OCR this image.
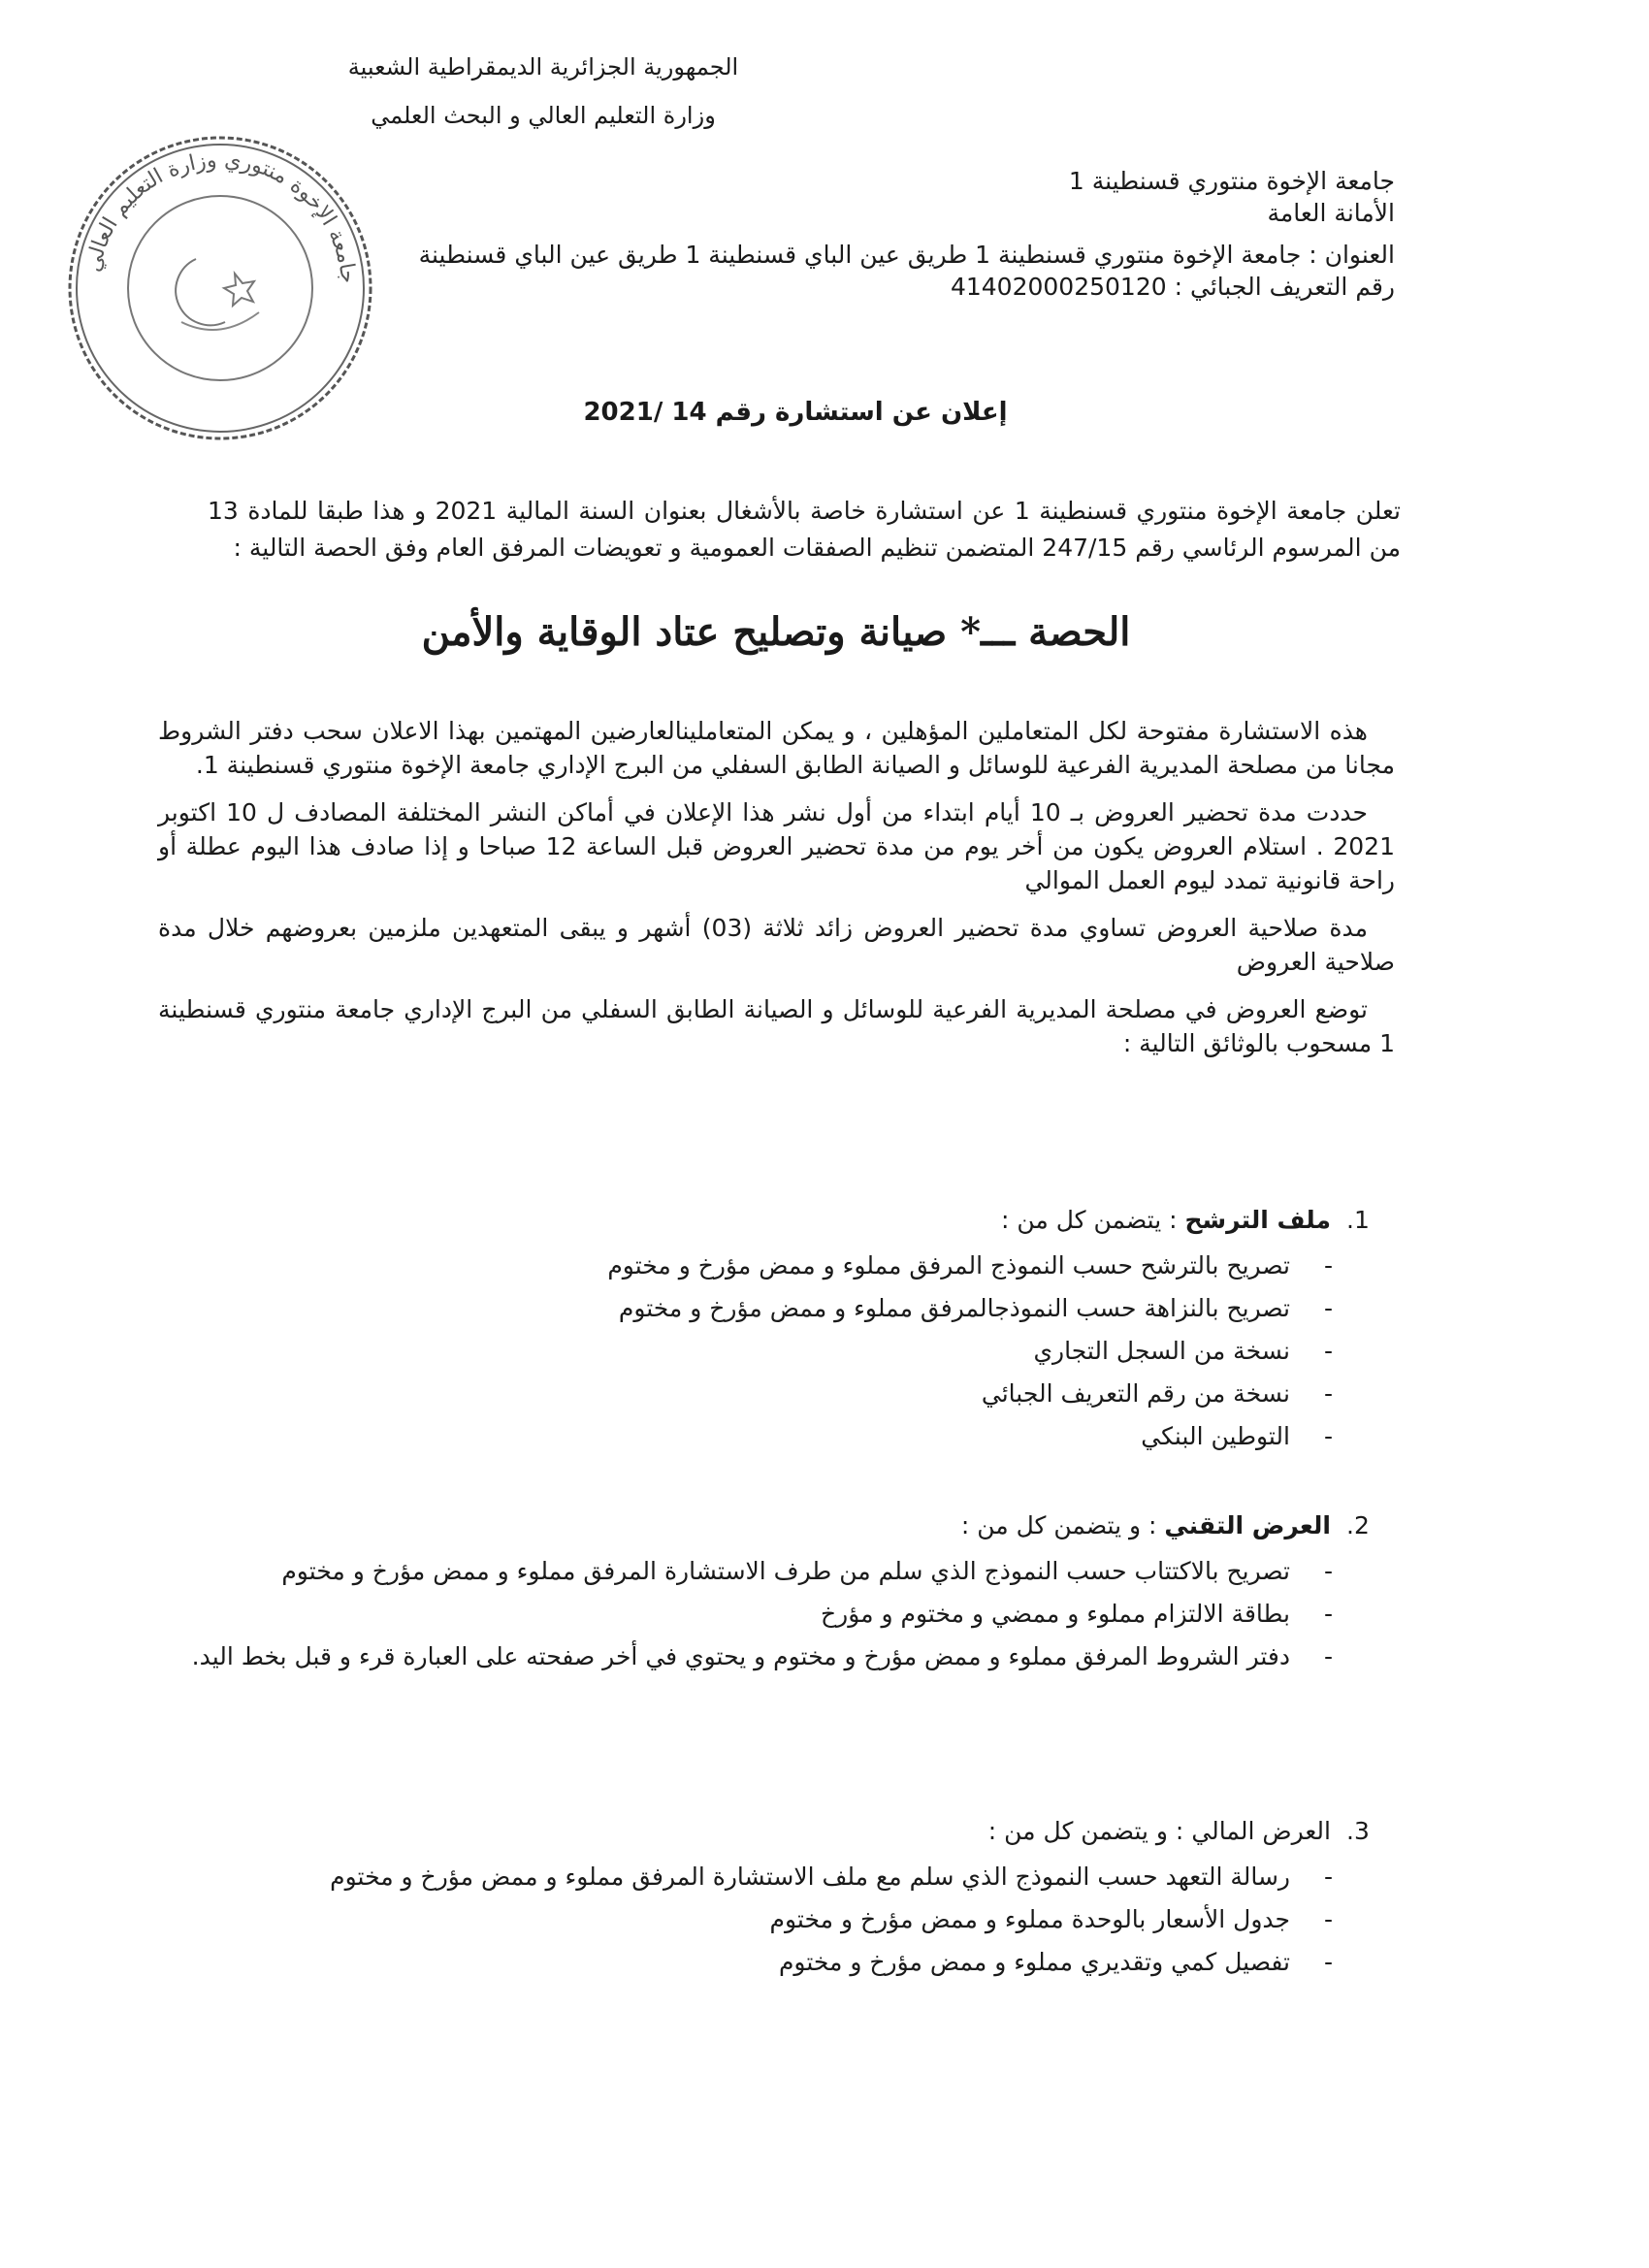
الجمهورية الجزائرية الديمقراطية الشعبية
وزارة التعليم العالي و البحث العلمي
جامعة الإخوة منتوري قسنطينة 1
الأمانة العامة
العنوان : جامعة الإخوة منتوري قسنطينة 1 طريق عين الباي قسنطينة 1 طريق عين الباي قسنطينة
رقم التعريف الجبائي : 41402000250120
جامعة الإخوة منتوري وزارة التعليم العالي
إعلان عن استشارة رقم 14 /2021

تعلن جامعة الإخوة منتوري قسنطينة 1 عن استشارة خاصة بالأشغال بعنوان السنة المالية 2021 و هذا طبقا للمادة 13 من المرسوم الرئاسي رقم 247/15 المتضمن تنظيم الصفقات العمومية و تعويضات المرفق العام وفق الحصة التالية :

الحصة ـــ* صيانة وتصليح عتاد الوقاية والأمن

هذه الاستشارة مفتوحة لكل المتعاملين المؤهلين ، و يمكن المتعاملينالعارضين المهتمين بهذا الاعلان سحب دفتر الشروط مجانا من مصلحة المديرية الفرعية للوسائل و الصيانة الطابق السفلي من البرج الإداري جامعة الإخوة منتوري قسنطينة 1.

حددت مدة تحضير العروض بـ 10 أيام ابتداء من أول نشر هذا الإعلان في أماكن النشر المختلفة المصادف ل 10 اكتوبر 2021 . استلام العروض يكون من أخر يوم من مدة تحضير العروض قبل الساعة 12 صباحا و إذا صادف هذا اليوم عطلة أو راحة قانونية تمدد ليوم العمل الموالي

مدة صلاحية العروض تساوي مدة تحضير العروض زائد ثلاثة (03) أشهر و يبقى المتعهدين ملزمين بعروضهم خلال مدة صلاحية العروض

توضع العروض في مصلحة المديرية الفرعية للوسائل و الصيانة الطابق السفلي من البرج الإداري جامعة منتوري قسنطينة 1 مسحوب بالوثائق التالية :

1.
ملف الترشح : يتضمن كل من :
-
تصريح بالترشح حسب النموذج المرفق مملوء و ممض مؤرخ و مختوم
-
تصريح بالنزاهة حسب النموذجالمرفق مملوء و ممض مؤرخ و مختوم
-
نسخة من السجل التجاري
-
نسخة من رقم التعريف الجبائي
-
التوطين البنكي
2.
العرض التقني : و يتضمن كل من :
-
تصريح بالاكتتاب حسب النموذج الذي سلم من طرف الاستشارة المرفق مملوء و ممض مؤرخ و مختوم
-
بطاقة الالتزام مملوء و ممضي و مختوم و مؤرخ
-
دفتر الشروط المرفق مملوء و ممض مؤرخ و مختوم و يحتوي في أخر صفحته على العبارة قرء و قبل بخط اليد.
3.
العرض المالي : و يتضمن كل من :
-
رسالة التعهد حسب النموذج الذي سلم مع ملف الاستشارة المرفق مملوء و ممض مؤرخ و مختوم
-
جدول الأسعار بالوحدة مملوء و ممض مؤرخ و مختوم
-
تفصيل كمي وتقديري مملوء و ممض مؤرخ و مختوم
